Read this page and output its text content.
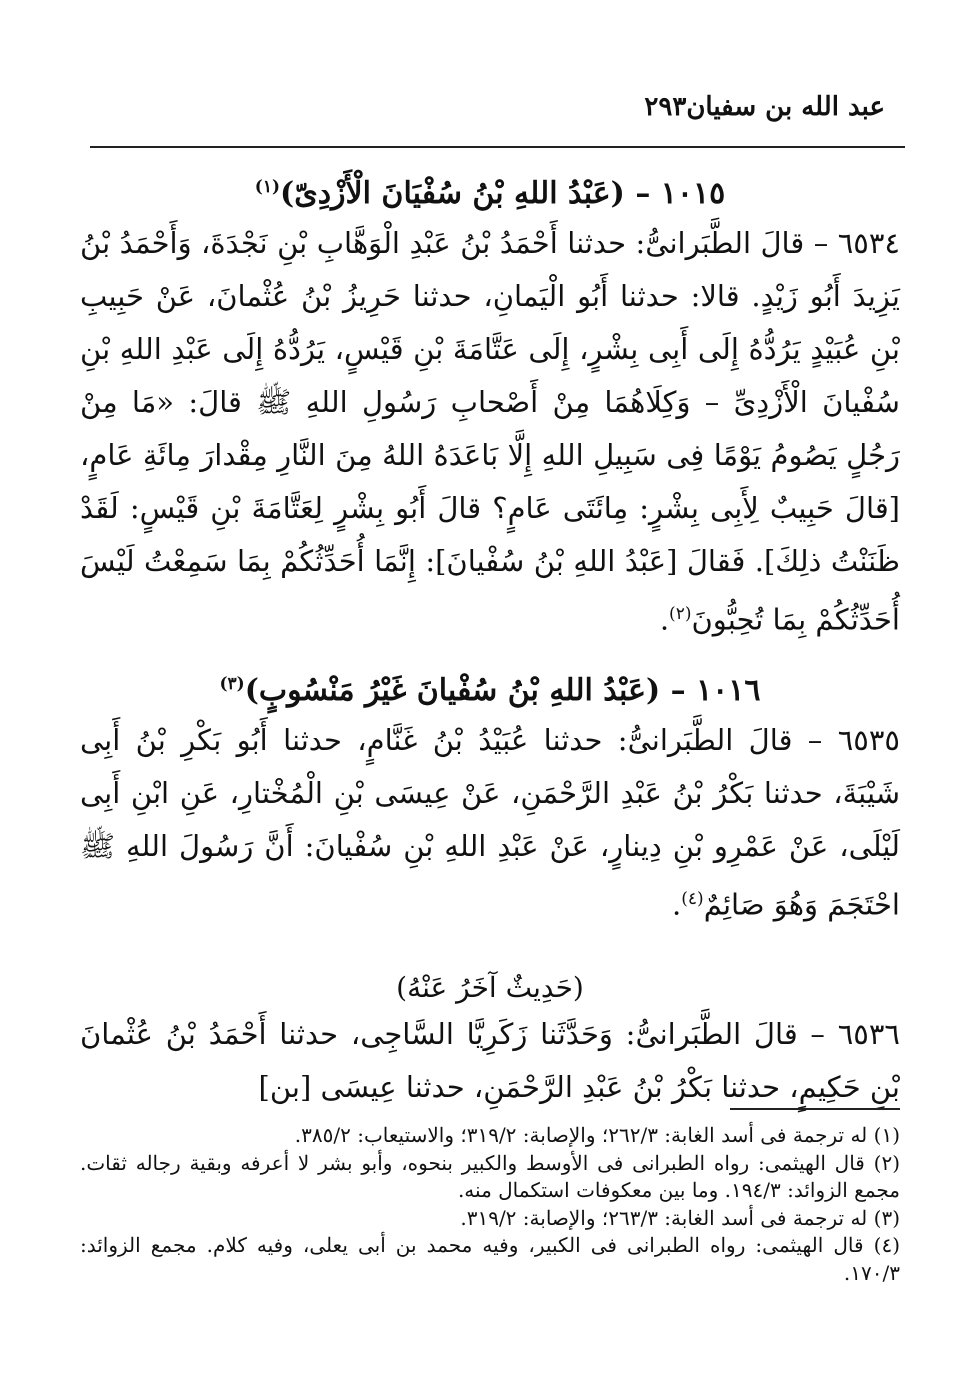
عبد الله بن سفيان
٢٩٣
١٠١٥ – (عَبْدُ اللهِ بْنُ سُفْيَانَ الْأَزْدِىّ)$^{(١)}$

٦٥٣٤ – قالَ الطَّبَرانىُّ: حدثنا أَحْمَدُ بْنُ عَبْدِ الْوَهَّابِ بْنِ نَجْدَةَ، وَأَحْمَدُ بْنُ يَزِيدَ أَبُو زَيْدٍ. قالا: حدثنا أَبُو الْيَمانِ، حدثنا حَرِيزُ بْنُ عُثْمانَ، عَنْ حَبِيبِ بْنِ عُبَيْدٍ يَرُدُّهُ إِلَى أَبِى بِشْرٍ، إِلَى عَتَّامَةَ بْنِ قَيْسٍ، يَرُدُّهُ إِلَى عَبْدِ اللهِ بْنِ سُفْيانَ الْأَزْدِىِّ – وَكِلَاهُمَا مِنْ أَصْحابِ رَسُولِ اللهِ ﷺ قالَ: «مَا مِنْ رَجُلٍ يَصُومُ يَوْمًا فِى سَبِيلِ اللهِ إِلَّا بَاعَدَهُ اللهُ مِنَ النَّارِ مِقْدارَ مِائَةِ عَامٍ، [قالَ حَبِيبٌ لِأَبِى بِشْرٍ: مِائَتَى عَامٍ؟ قالَ أَبُو بِشْرٍ لِعَتَّامَةَ بْنِ قَيْسٍ: لَقَدْ ظَنَنْتُ ذلِكَ]. فَقالَ [عَبْدُ اللهِ بْنُ سُفْيانَ]: إِنَّمَا أُحَدِّثُكُمْ بِمَا سَمِعْتُ لَيْسَ أُحَدِّثُكُمْ بِمَا تُحِبُّونَ$^{(٢)}$.

١٠١٦ – (عَبْدُ اللهِ بْنُ سُفْيانَ غَيْرُ مَنْسُوبٍ)$^{(٣)}$

٦٥٣٥ – قالَ الطَّبَرانىُّ: حدثنا عُبَيْدُ بْنُ غَنَّامٍ، حدثنا أَبُو بَكْرِ بْنُ أَبِى شَيْبَةَ، حدثنا بَكْرُ بْنُ عَبْدِ الرَّحْمَنِ، عَنْ عِيسَى بْنِ الْمُخْتارِ، عَنِ ابْنِ أَبِى لَيْلَى، عَنْ عَمْرِو بْنِ دِينارٍ، عَنْ عَبْدِ اللهِ بْنِ سُفْيانَ: أَنَّ رَسُولَ اللهِ ﷺ احْتَجَمَ وَهُوَ صَائِمٌ$^{(٤)}$.

(حَدِيثٌ آخَرُ عَنْهُ)

٦٥٣٦ – قالَ الطَّبَرانىُّ: وَحَدَّثَنا زَكَرِيَّا السَّاجِى، حدثنا أَحْمَدُ بْنُ عُثْمانَ بْنِ حَكِيمٍ، حدثنا بَكْرُ بْنُ عَبْدِ الرَّحْمَنِ، حدثنا عِيسَى [بن]

(١) له ترجمة فى أسد الغابة: ٢٦٢/٣؛ والإصابة: ٣١٩/٢؛ والاستيعاب: ٣٨٥/٢.

(٢) قال الهيثمى: رواه الطبرانى فى الأوسط والكبير بنحوه، وأبو بشر لا أعرفه وبقية رجاله ثقات. مجمع الزوائد: ١٩٤/٣. وما بين معكوفات استكمال منه.

(٣) له ترجمة فى أسد الغابة: ٢٦٣/٣؛ والإصابة: ٣١٩/٢.

(٤) قال الهيثمى: رواه الطبرانى فى الكبير، وفيه محمد بن أبى يعلى، وفيه كلام. مجمع الزوائد: ١٧٠/٣.
